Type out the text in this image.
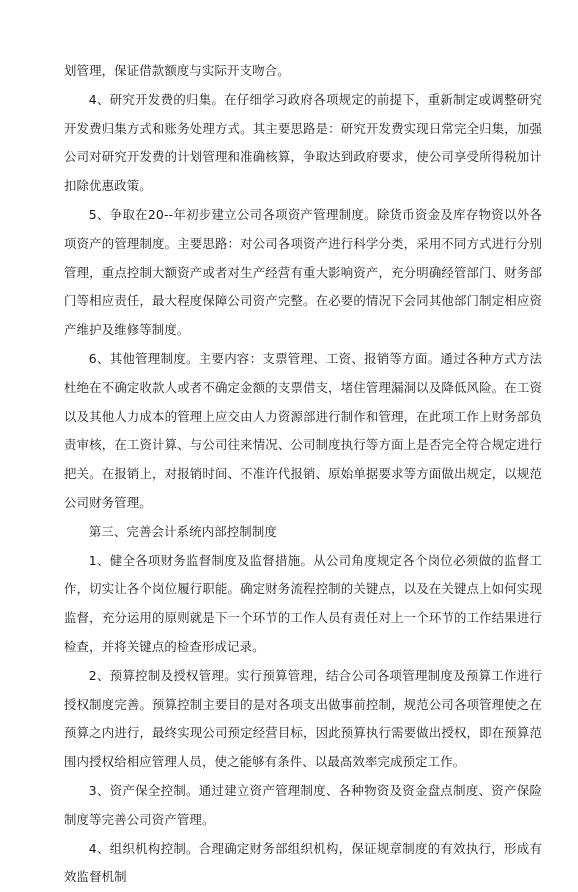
划管理，保证借款额度与实际开支吻合。

4、研究开发费的归集。在仔细学习政府各项规定的前提下，重新制定或调整研究开发费归集方式和账务处理方式。其主要思路是：研究开发费实现日常完全归集，加强公司对研究开发费的计划管理和准确核算，争取达到政府要求，使公司享受所得税加计扣除优惠政策。

5、争取在20--年初步建立公司各项资产管理制度。除货币资金及库存物资以外各项资产的管理制度。主要思路：对公司各项资产进行科学分类，采用不同方式进行分别管理，重点控制大额资产或者对生产经营有重大影响资产，充分明确经管部门、财务部门等相应责任，最大程度保障公司资产完整。在必要的情况下会同其他部门制定相应资产维护及维修等制度。

6、其他管理制度。主要内容：支票管理、工资、报销等方面。通过各种方式方法杜绝在不确定收款人或者不确定金额的支票借支，堵住管理漏洞以及降低风险。在工资以及其他人力成本的管理上应交由人力资源部进行制作和管理，在此项工作上财务部负责审核，在工资计算、与公司往来情况、公司制度执行等方面上是否完全符合规定进行把关。在报销上，对报销时间、不准许代报销、原始单据要求等方面做出规定，以规范公司财务管理。

第三、完善会计系统内部控制制度

1、健全各项财务监督制度及监督措施。从公司角度规定各个岗位必须做的监督工作，切实让各个岗位履行职能。确定财务流程控制的关键点，以及在关键点上如何实现监督，充分运用的原则就是下一个环节的工作人员有责任对上一个环节的工作结果进行检查，并将关键点的检查形成记录。

2、预算控制及授权管理。实行预算管理，结合公司各项管理制度及预算工作进行授权制度完善。预算控制主要目的是对各项支出做事前控制，规范公司各项管理使之在预算之内进行，最终实现公司预定经营目标，因此预算执行需要做出授权，即在预算范围内授权给相应管理人员，使之能够有条件、以最高效率完成预定工作。

3、资产保全控制。通过建立资产管理制度、各种物资及资金盘点制度、资产保险制度等完善公司资产管理。

4、组织机构控制。合理确定财务部组织机构，保证规章制度的有效执行，形成有效监督机制
